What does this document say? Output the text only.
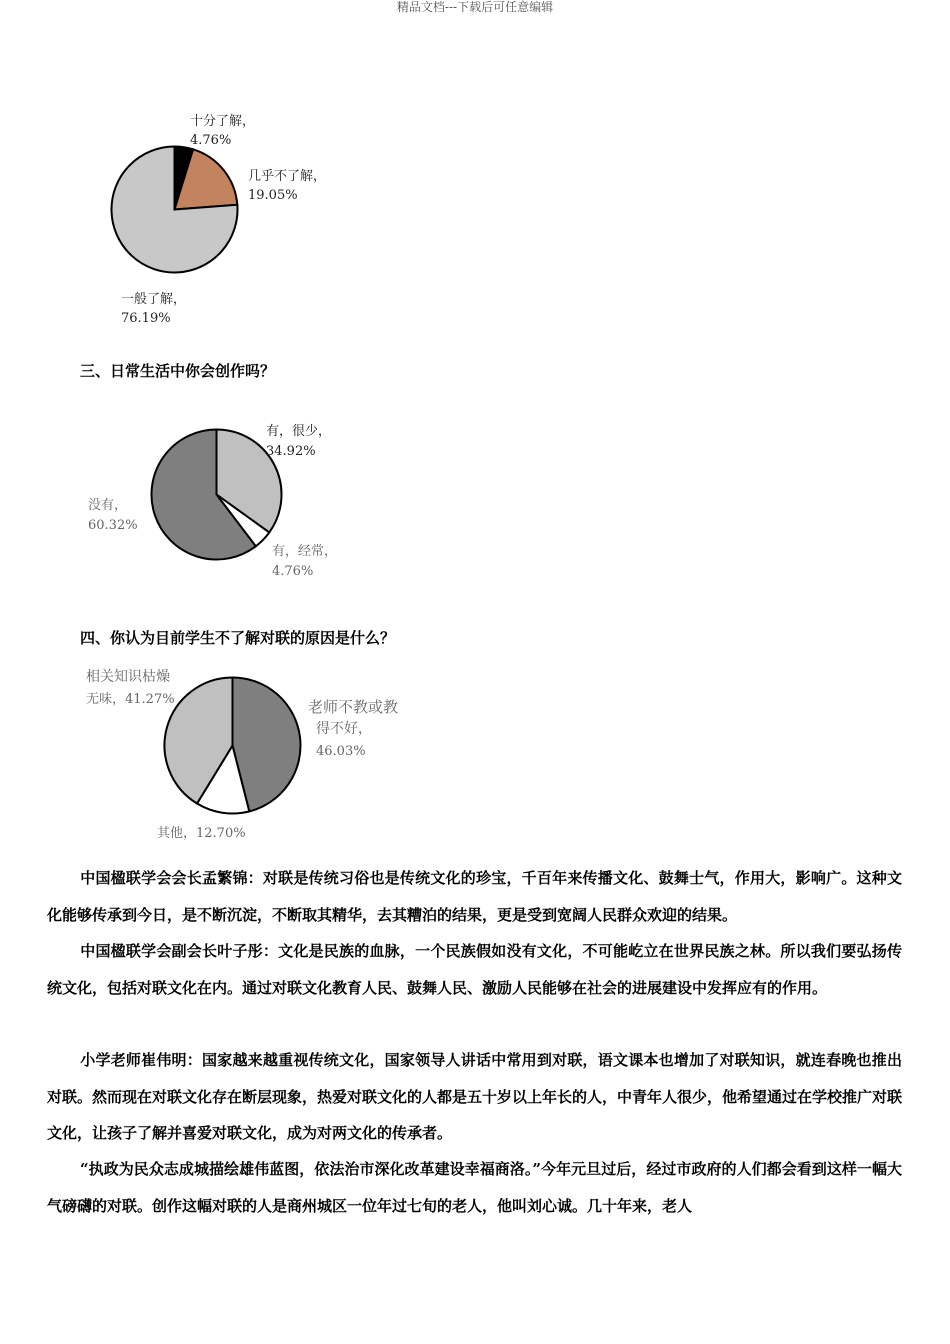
精品文档---下载后可任意编辑
十分了解，
4.76%
几乎不了解，
19.05%
一般了解，
76.19%
三、日常生活中你会创作吗？
有，很少，
34.92%
没有，
60.32%
有，经常，
4.76%
四、你认为目前学生不了解对联的原因是什么？
相关知识枯燥
无味，41.27%	老师不教或教
得不好，
46.03%
其他，12.70%
中国楹联学会会长孟繁锦：对联是传统习俗也是传统文化的珍宝，千百年来传播文化、鼓舞士气，作用大，影响广。这种文化能够传承到今日，是不断沉淀，不断取其精华，去其糟泊的结果，更是受到宽阔人民群众欢迎的结果。
中国楹联学会副会长叶子彤：文化是民族的血脉，一个民族假如没有文化，不可能屹立在世界民族之林。所以我们要弘扬传统文化，包括对联文化在内。通过对联文化教育人民、鼓舞人民、激励人民能够在社会的进展建设中发挥应有的作用。
小学老师崔伟明：国家越来越重视传统文化，国家领导人讲话中常用到对联，语文课本也增加了对联知识，就连春晚也推出对联。然而现在对联文化存在断层现象，热爱对联文化的人都是五十岁以上年长的人，中青年人很少，他希望通过在学校推广对联文化，让孩子了解并喜爱对联文化，成为对两文化的传承者。
“执政为民众志成城描绘雄伟蓝图，依法治市深化改革建设幸福商洛。”今年元旦过后，经过市政府的人们都会看到这样一幅大气磅礴的对联。创作这幅对联的人是商州城区一位年过七旬的老人，他叫刘心诚。几十年来，老人
